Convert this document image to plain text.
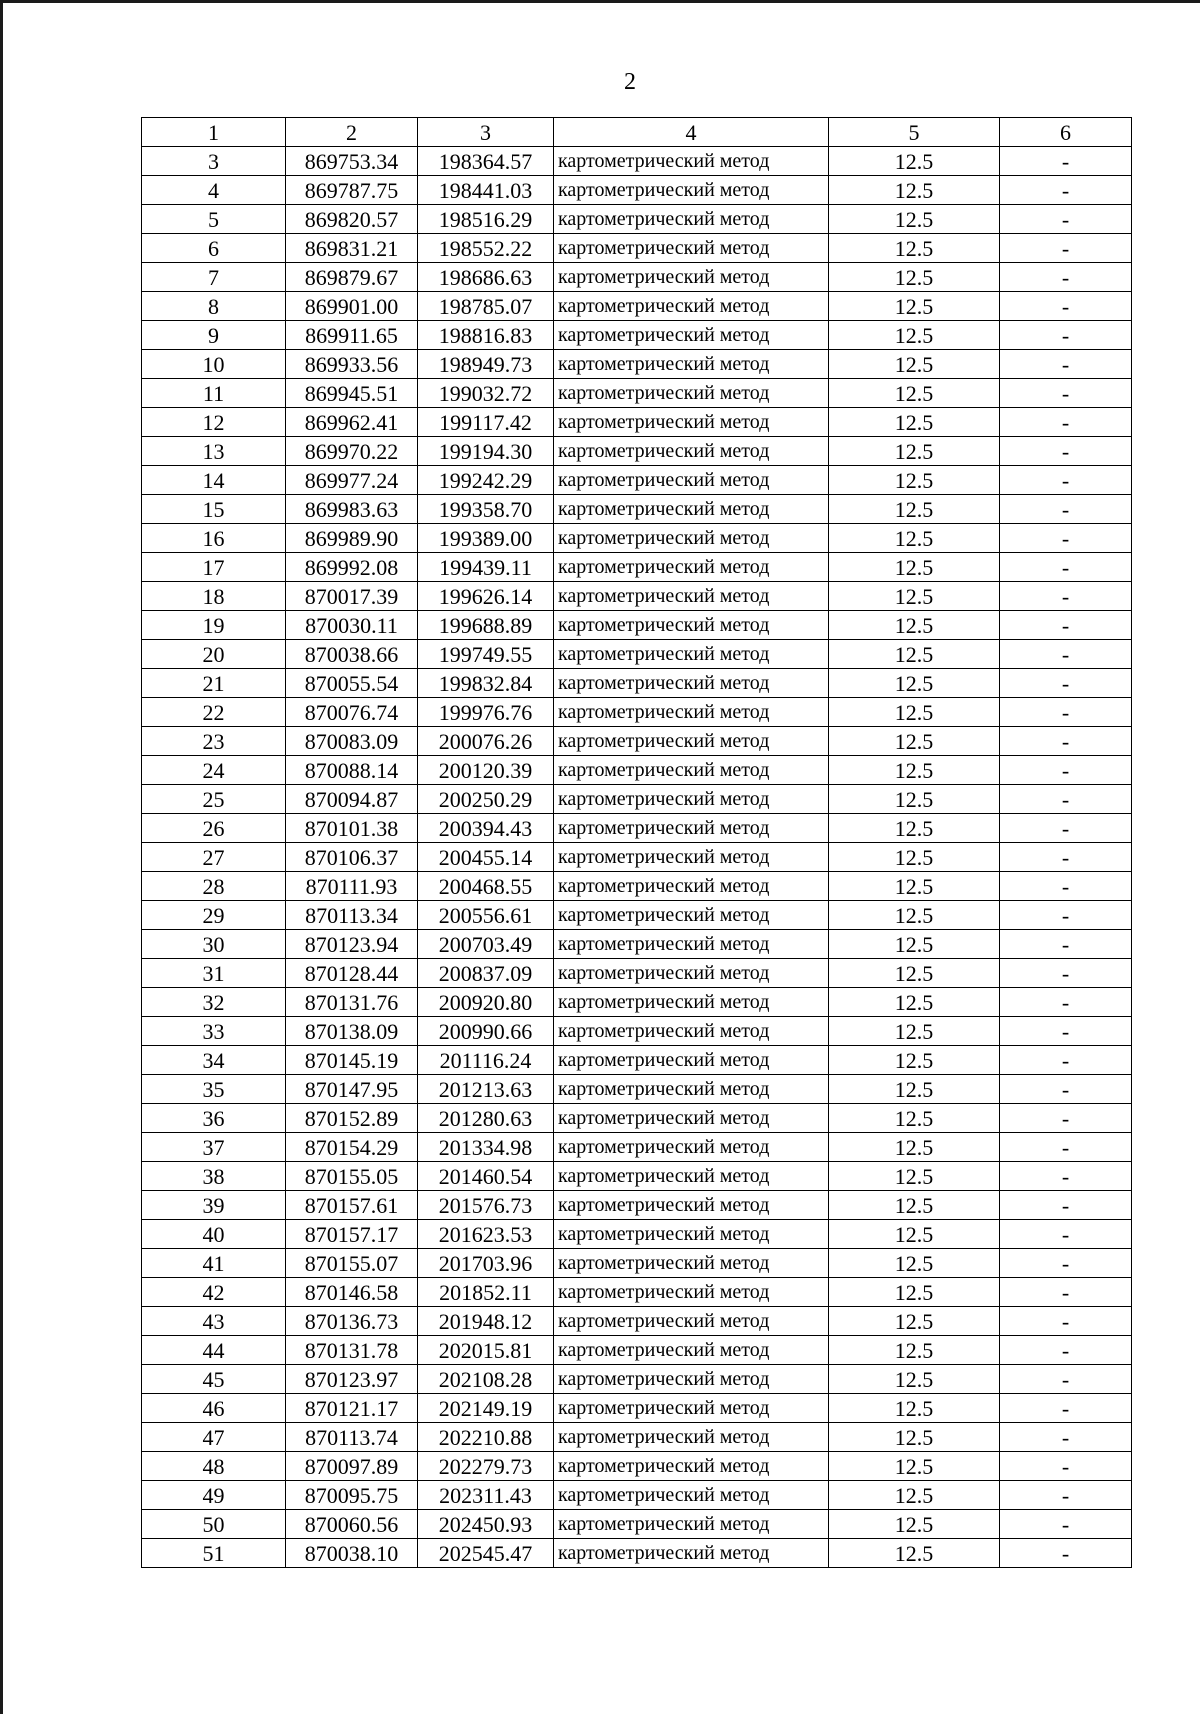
2
1	2	3	4	5	6
3	869753.34	198364.57	картометрический метод	12.5	-
4	869787.75	198441.03	картометрический метод	12.5	-
5	869820.57	198516.29	картометрический метод	12.5	-
6	869831.21	198552.22	картометрический метод	12.5	-
7	869879.67	198686.63	картометрический метод	12.5	-
8	869901.00	198785.07	картометрический метод	12.5	-
9	869911.65	198816.83	картометрический метод	12.5	-
10	869933.56	198949.73	картометрический метод	12.5	-
11	869945.51	199032.72	картометрический метод	12.5	-
12	869962.41	199117.42	картометрический метод	12.5	-
13	869970.22	199194.30	картометрический метод	12.5	-
14	869977.24	199242.29	картометрический метод	12.5	-
15	869983.63	199358.70	картометрический метод	12.5	-
16	869989.90	199389.00	картометрический метод	12.5	-
17	869992.08	199439.11	картометрический метод	12.5	-
18	870017.39	199626.14	картометрический метод	12.5	-
19	870030.11	199688.89	картометрический метод	12.5	-
20	870038.66	199749.55	картометрический метод	12.5	-
21	870055.54	199832.84	картометрический метод	12.5	-
22	870076.74	199976.76	картометрический метод	12.5	-
23	870083.09	200076.26	картометрический метод	12.5	-
24	870088.14	200120.39	картометрический метод	12.5	-
25	870094.87	200250.29	картометрический метод	12.5	-
26	870101.38	200394.43	картометрический метод	12.5	-
27	870106.37	200455.14	картометрический метод	12.5	-
28	870111.93	200468.55	картометрический метод	12.5	-
29	870113.34	200556.61	картометрический метод	12.5	-
30	870123.94	200703.49	картометрический метод	12.5	-
31	870128.44	200837.09	картометрический метод	12.5	-
32	870131.76	200920.80	картометрический метод	12.5	-
33	870138.09	200990.66	картометрический метод	12.5	-
34	870145.19	201116.24	картометрический метод	12.5	-
35	870147.95	201213.63	картометрический метод	12.5	-
36	870152.89	201280.63	картометрический метод	12.5	-
37	870154.29	201334.98	картометрический метод	12.5	-
38	870155.05	201460.54	картометрический метод	12.5	-
39	870157.61	201576.73	картометрический метод	12.5	-
40	870157.17	201623.53	картометрический метод	12.5	-
41	870155.07	201703.96	картометрический метод	12.5	-
42	870146.58	201852.11	картометрический метод	12.5	-
43	870136.73	201948.12	картометрический метод	12.5	-
44	870131.78	202015.81	картометрический метод	12.5	-
45	870123.97	202108.28	картометрический метод	12.5	-
46	870121.17	202149.19	картометрический метод	12.5	-
47	870113.74	202210.88	картометрический метод	12.5	-
48	870097.89	202279.73	картометрический метод	12.5	-
49	870095.75	202311.43	картометрический метод	12.5	-
50	870060.56	202450.93	картометрический метод	12.5	-
51	870038.10	202545.47	картометрический метод	12.5	-
